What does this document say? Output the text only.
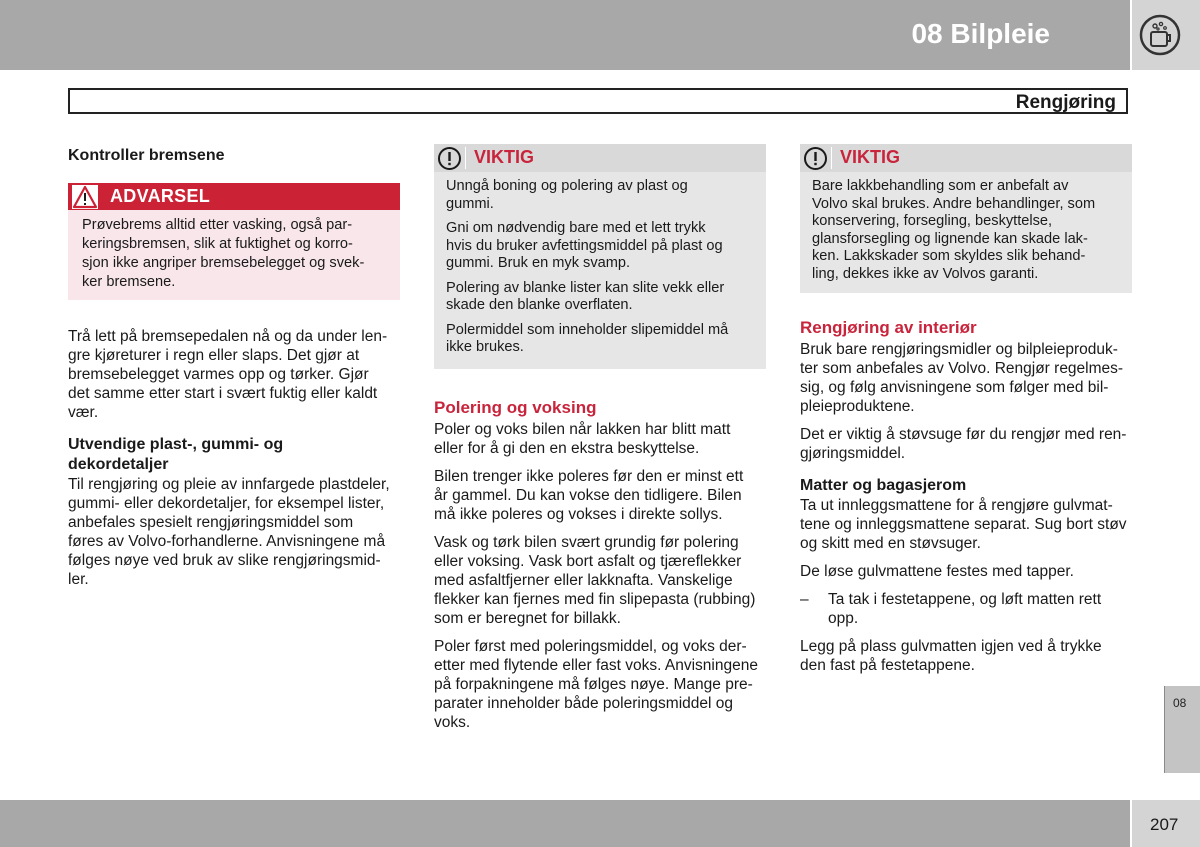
08 Bilpleie
Rengjøring
Kontroller bremsene
ADVARSEL
Prøvebrems alltid etter vasking, også par-
keringsbremsen, slik at fuktighet og korro-
sjon ikke angriper bremsebelegget og svek-
ker bremsene.

Trå lett på bremsepedalen nå og da under len-
gre kjøreturer i regn eller slaps. Det gjør at
bremsebelegget varmes opp og tørker. Gjør
det samme etter start i svært fuktig eller kaldt
vær.

Utvendige plast-, gummi- og
dekordetaljer

Til rengjøring og pleie av innfargede plastdeler,
gummi- eller dekordetaljer, for eksempel lister,
anbefales spesielt rengjøringsmiddel som
føres av Volvo-forhandlerne. Anvisningene må
følges nøye ved bruk av slike rengjøringsmid-
ler.

VIKTIG

Unngå boning og polering av plast og
gummi.

Gni om nødvendig bare med et lett trykk
hvis du bruker avfettingsmiddel på plast og
gummi. Bruk en myk svamp.

Polering av blanke lister kan slite vekk eller
skade den blanke overflaten.

Polermiddel som inneholder slipemiddel må
ikke brukes.

Polering og voksing

Poler og voks bilen når lakken har blitt matt
eller for å gi den en ekstra beskyttelse.

Bilen trenger ikke poleres før den er minst ett
år gammel. Du kan vokse den tidligere. Bilen
må ikke poleres og vokses i direkte sollys.

Vask og tørk bilen svært grundig før polering
eller voksing. Vask bort asfalt og tjæreflekker
med asfaltfjerner eller lakknafta. Vanskelige
flekker kan fjernes med fin slipepasta (rubbing)
som er beregnet for billakk.

Poler først med poleringsmiddel, og voks der-
etter med flytende eller fast voks. Anvisningene
på forpakningene må følges nøye. Mange pre-
parater inneholder både poleringsmiddel og
voks.

VIKTIG
Bare lakkbehandling som er anbefalt av
Volvo skal brukes. Andre behandlinger, som
konservering, forsegling, beskyttelse,
glansforsegling og lignende kan skade lak-
ken. Lakkskader som skyldes slik behand-
ling, dekkes ikke av Volvos garanti.
Rengjøring av interiør

Bruk bare rengjøringsmidler og bilpleieproduk-
ter som anbefales av Volvo. Rengjør regelmes-
sig, og følg anvisningene som følger med bil-
pleieproduktene.

Det er viktig å støvsuge før du rengjør med ren-
gjøringsmiddel.

Matter og bagasjerom

Ta ut innleggsmattene for å rengjøre gulvmat-
tene og innleggsmattene separat. Sug bort støv
og skitt med en støvsuger.

De løse gulvmattene festes med tapper.

– Ta tak i festetappene, og løft matten rett
opp.

Legg på plass gulvmatten igjen ved å trykke
den fast på festetappene.

08
207
